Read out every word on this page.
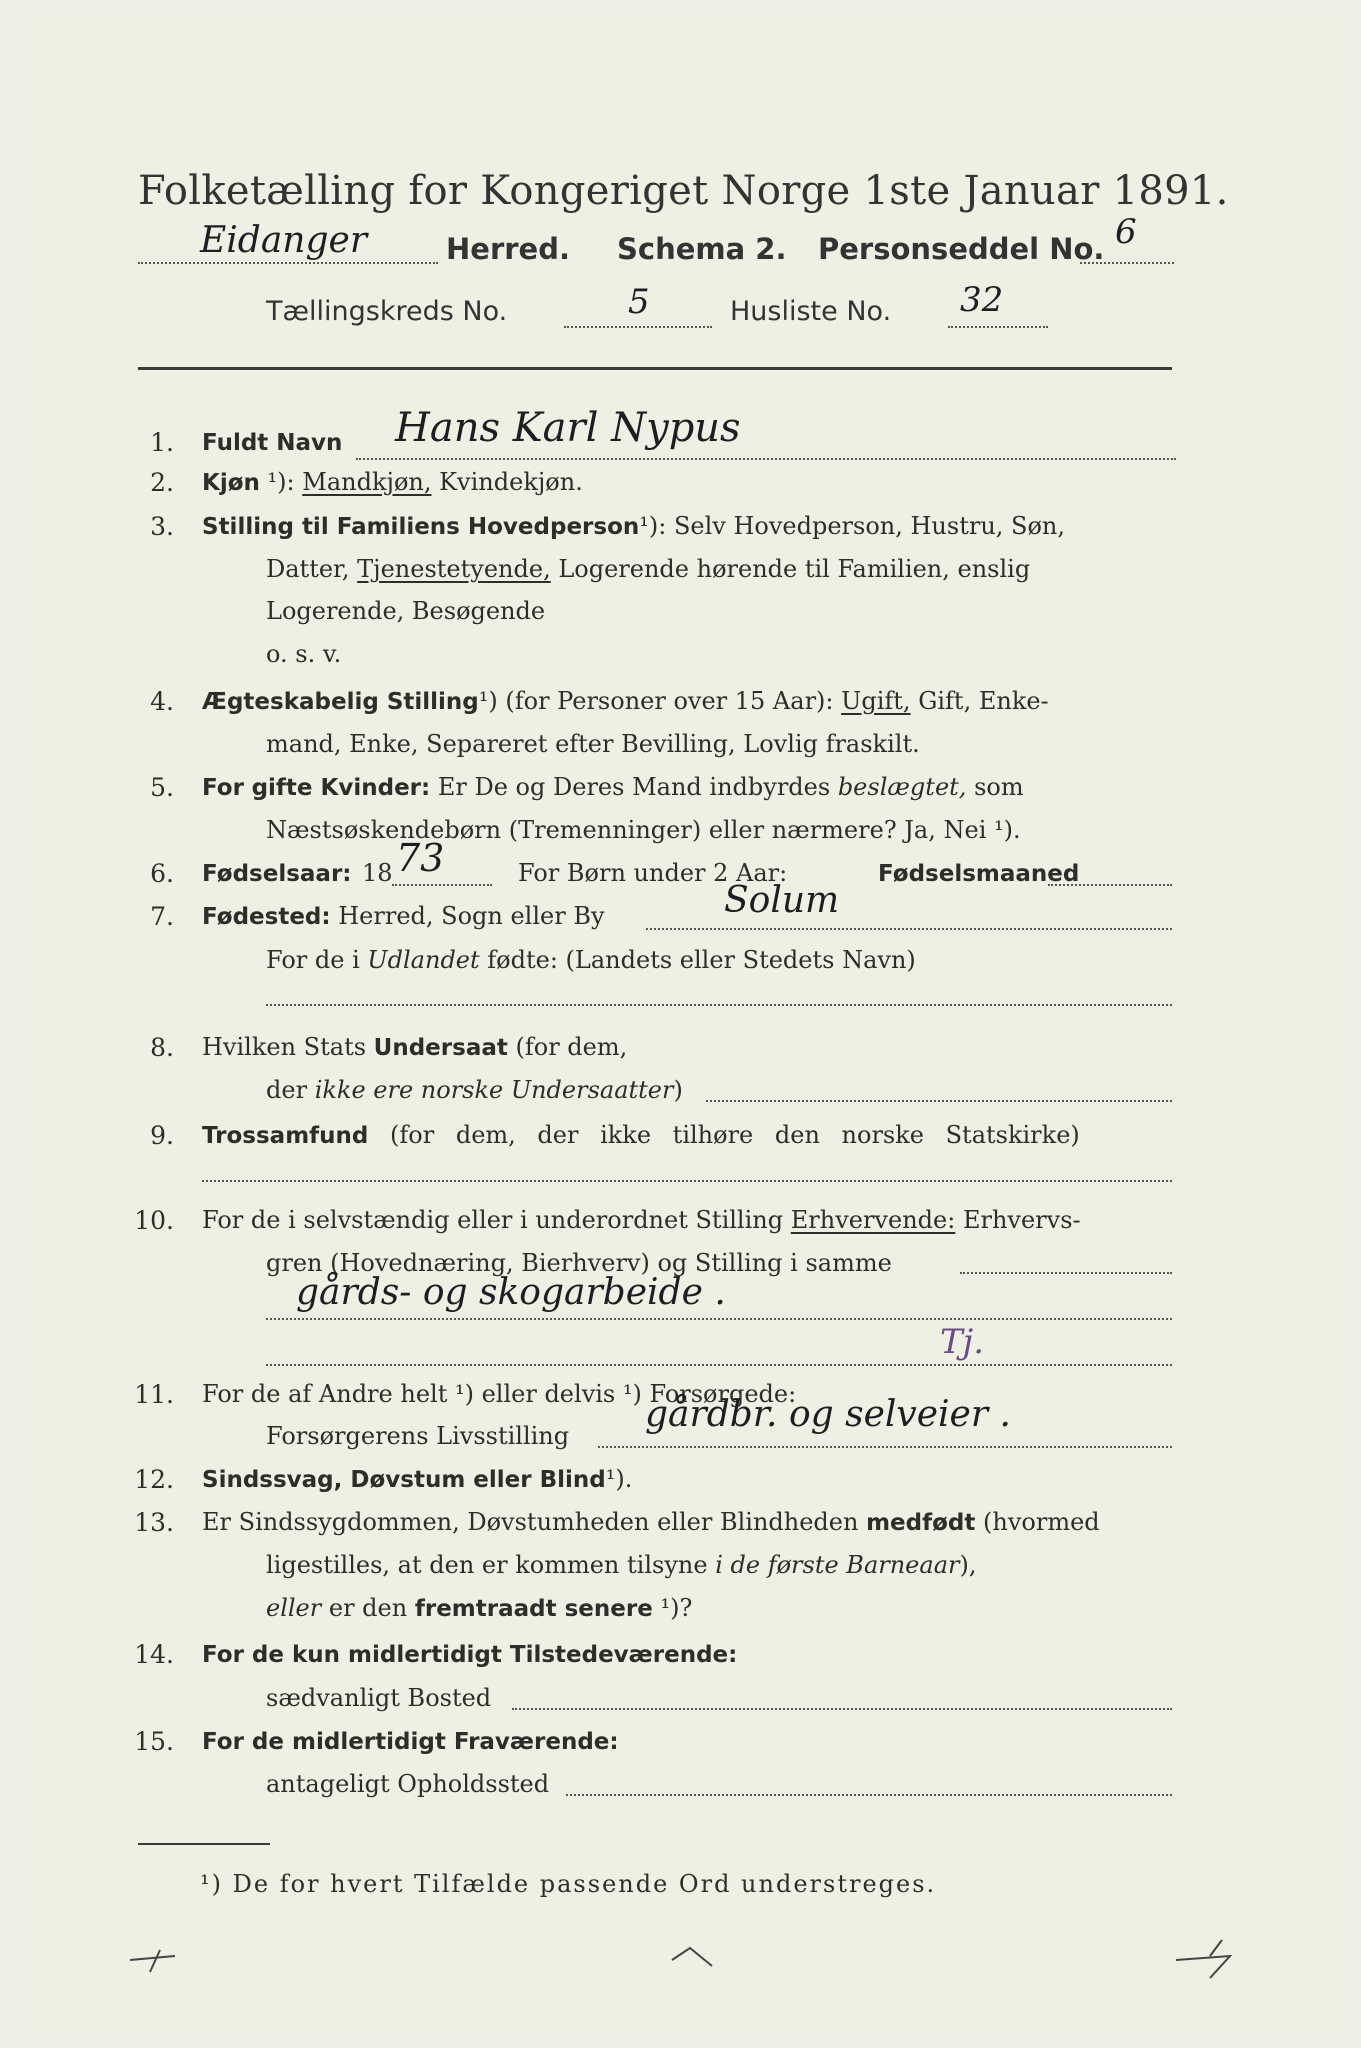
Folketælling for Kongeriget Norge 1ste Januar 1891.
Eidanger	Herred. Schema 2. Personseddel No. 6
Tællingskreds No.	5	Husliste No. 32
1. Fuldt Navn Hans Karl Nypus
2. Kjøn ¹): Mandkjøn, Kvindekjøn.
3. Stilling til Familiens Hovedperson¹): Selv Hovedperson, Hustru, Søn,
Datter, Tjenestetyende, Logerende hørende til Familien, enslig
Logerende, Besøgende
o. s. v.
4. Ægteskabelig Stilling¹) (for Personer over 15 Aar): Ugift, Gift, Enke-
mand, Enke, Separeret efter Bevilling, Lovlig fraskilt.
5. For gifte Kvinder: Er De og Deres Mand indbyrdes beslægtet, som
Næstsøskendebørn (Tremenninger) eller nærmere? Ja, Nei ¹).
6. Fødselsaar: 18 73	For Børn under 2 Aar:	Fødselsmaaned
7. Fødested: Herred, Sogn eller By	Solum
For de i Udlandet fødte: (Landets eller Stedets Navn)
8. Hvilken Stats Undersaat (for dem,
der ikke ere norske Undersaatter)
9. Trossamfund (for dem, der ikke tilhøre den norske Statskirke)
10. For de i selvstændig eller i underordnet Stilling Erhvervende: Erhvervs-
gren (Hovednæring, Bierhverv) og Stilling i samme
gårds- og skogarbeide .
Tj.
11. For de af Andre helt ¹) eller delvis ¹) Forsørgede:
Forsørgerens Livsstilling
gårdbr. og selveier .
12. Sindssvag, Døvstum eller Blind¹).
13. Er Sindssygdommen, Døvstumheden eller Blindheden medfødt (hvormed
ligestilles, at den er kommen tilsyne i de første Barneaar),
eller er den fremtraadt senere ¹)?
14. For de kun midlertidigt Tilstedeværende:
sædvanligt Bosted
15. For de midlertidigt Fraværende:
antageligt Opholdssted
¹) De for hvert Tilfælde passende Ord understreges.
